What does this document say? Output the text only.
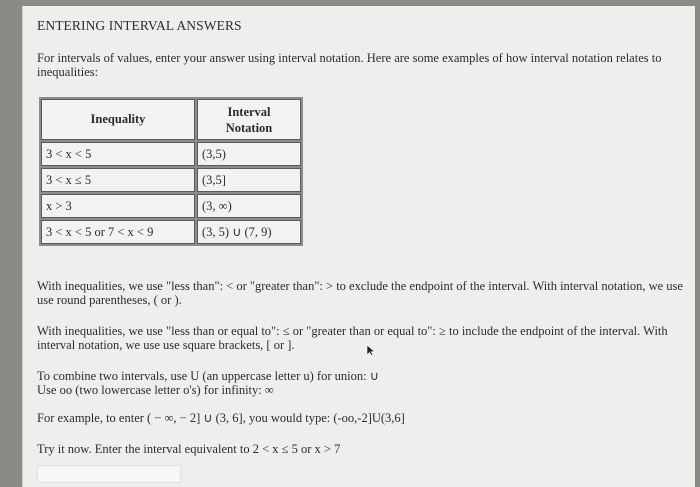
ENTERING INTERVAL ANSWERS
For intervals of values, enter your answer using interval notation. Here are some examples of how interval notation relates to inequalities:
Inequality	Interval
Notation
3 < x < 5	(3,5)
3 < x ≤ 5	(3,5]
x > 3	(3, ∞)
3 < x < 5 or 7 < x < 9	(3, 5) ∪ (7, 9)
With inequalities, we use "less than": < or "greater than": > to exclude the endpoint of the interval. With interval notation, we use use round parentheses, ( or ).
With inequalities, we use "less than or equal to": ≤ or "greater than or equal to": ≥ to include the endpoint of the interval. With interval notation, we use use square brackets, [ or ].
To combine two intervals, use U (an uppercase letter u) for union: ∪
Use oo (two lowercase letter o's) for infinity: ∞
For example, to enter ( − ∞, − 2] ∪ (3, 6], you would type: (-oo,-2]U(3,6]
Try it now. Enter the interval equivalent to 2 < x ≤ 5 or x > 7
